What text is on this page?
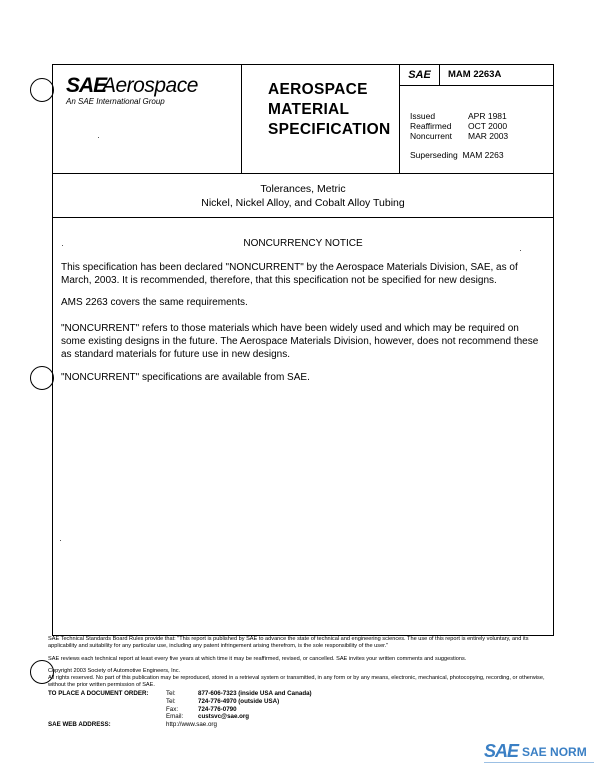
SAE
Aerospace
An SAE International Group
AEROSPACE
MATERIAL
SPECIFICATION
SAE	MAM 2263A
Issued	APR 1981
Reaffirmed	OCT 2000
Noncurrent	MAR 2003
Superseding  MAM 2263
Tolerances, Metric
Nickel, Nickel Alloy, and Cobalt Alloy Tubing
NONCURRENCY NOTICE
This specification has been declared "NONCURRENT" by the Aerospace Materials Division, SAE, as of March, 2003. It is recommended, therefore, that this specification not be specified for new designs.
AMS 2263 covers the same requirements.
"NONCURRENT" refers to those materials which have been widely used and which may be required on some existing designs in the future. The Aerospace Materials Division, however, does not recommend these as standard materials for future use in new designs.
"NONCURRENT" specifications are available from SAE.
SAE Technical Standards Board Rules provide that: "This report is published by SAE to advance the state of technical and engineering sciences. The use of this report is entirely voluntary, and its applicability and suitability for any particular use, including any patent infringement arising therefrom, is the sole responsibility of the user."
SAE reviews each technical report at least every five years at which time it may be reaffirmed, revised, or cancelled. SAE invites your written comments and suggestions.
Copyright 2003 Society of Automotive Engineers, Inc.
All rights reserved. No part of this publication may be reproduced, stored in a retrieval system or transmitted, in any form or by any means, electronic, mechanical, photocopying, recording, or otherwise, without the prior written permission of SAE.
TO PLACE A DOCUMENT ORDER:	Tel:	877-606-7323 (inside USA and Canada)
Tel:	724-776-4970 (outside USA)
Fax:	724-776-0790
Email:	custsvc@sae.org
SAE WEB ADDRESS:	http://www.sae.org
SAE SAE NORM
